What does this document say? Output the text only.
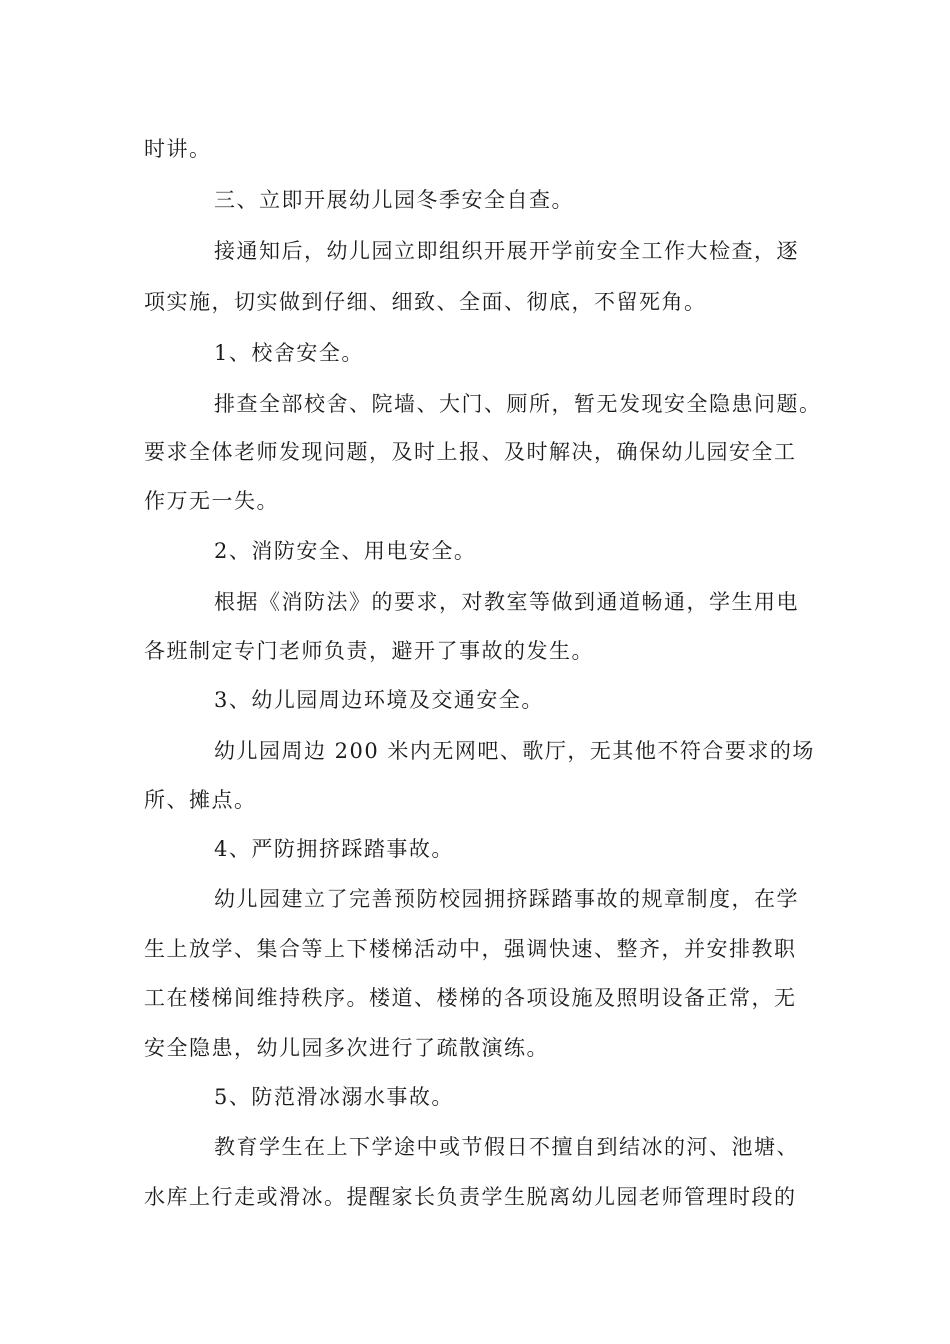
时讲。
三、立即开展幼儿园冬季安全自查。
接通知后，幼儿园立即组织开展开学前安全工作大检查，逐
项实施，切实做到仔细、细致、全面、彻底，不留死角。
1、校舍安全。
排查全部校舍、院墙、大门、厕所，暂无发现安全隐患问题。
要求全体老师发现问题，及时上报、及时解决，确保幼儿园安全工
作万无一失。
2、消防安全、用电安全。
根据《消防法》的要求，对教室等做到通道畅通，学生用电
各班制定专门老师负责，避开了事故的发生。
3、幼儿园周边环境及交通安全。
幼儿园周边 200 米内无网吧、歌厅，无其他不符合要求的场
所、摊点。
4、严防拥挤踩踏事故。
幼儿园建立了完善预防校园拥挤踩踏事故的规章制度，在学
生上放学、集合等上下楼梯活动中，强调快速、整齐，并安排教职
工在楼梯间维持秩序。楼道、楼梯的各项设施及照明设备正常，无
安全隐患，幼儿园多次进行了疏散演练。
5、防范滑冰溺水事故。
教育学生在上下学途中或节假日不擅自到结冰的河、池塘、
水库上行走或滑冰。提醒家长负责学生脱离幼儿园老师管理时段的
